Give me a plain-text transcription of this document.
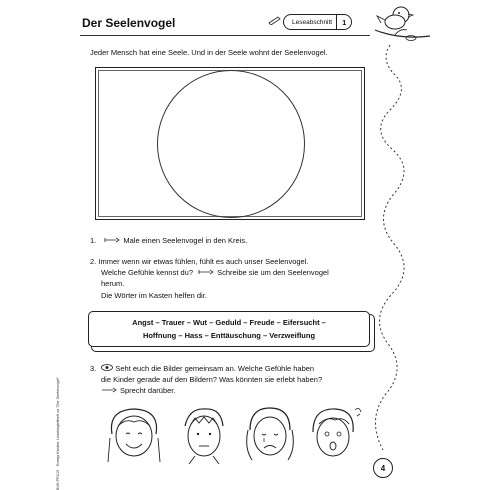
Der Seelenvogel	Leseabschnitt	1
Jeder Mensch hat eine Seele. Und in der Seele wohnt der Seelenvogel.
1.	Male einen Seelenvogel in den Kreis.
2. Immer wenn wir etwas fühlen, fühlt es auch unser Seelenvogel.
Welche Gefühle kennst du?	Schreibe sie um den Seelenvogel
herum.
Die Wörter im Kasten helfen dir.
Angst – Trauer – Wut – Geduld – Freude – Eifersucht –
Hoffnung – Hass – Enttäuschung – Verzweiflung
3.	Seht euch die Bilder gemeinsam an. Welche Gefühle haben
die Kinder gerade auf den Bildern? Was könnten sie erlebt haben?
Sprecht darüber.
BVK PR219 · Svenja Kirsten: Lesebegleitheft zu "Der Seelenvogel"	4
